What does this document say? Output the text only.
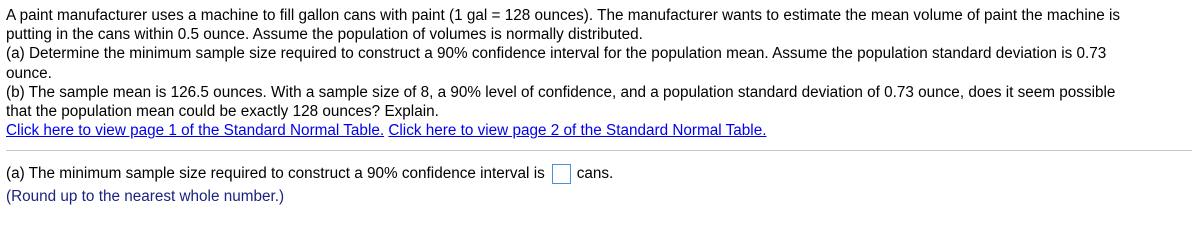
A paint manufacturer uses a machine to fill gallon cans with paint (1 gal = 128 ounces). The manufacturer wants to estimate the mean volume of paint the machine is
putting in the cans within 0.5 ounce. Assume the population of volumes is normally distributed.

(a) Determine the minimum sample size required to construct a 90% confidence interval for the population mean. Assume the population standard deviation is 0.73
ounce.

(b) The sample mean is 126.5 ounces. With a sample size of 8, a 90% level of confidence, and a population standard deviation of 0.73 ounce, does it seem possible
that the population mean could be exactly 128 ounces? Explain.

Click here to view page 1 of the Standard Normal Table. Click here to view page 2 of the Standard Normal Table.

(a) The minimum sample size required to construct a 90% confidence interval is cans.
(Round up to the nearest whole number.)
